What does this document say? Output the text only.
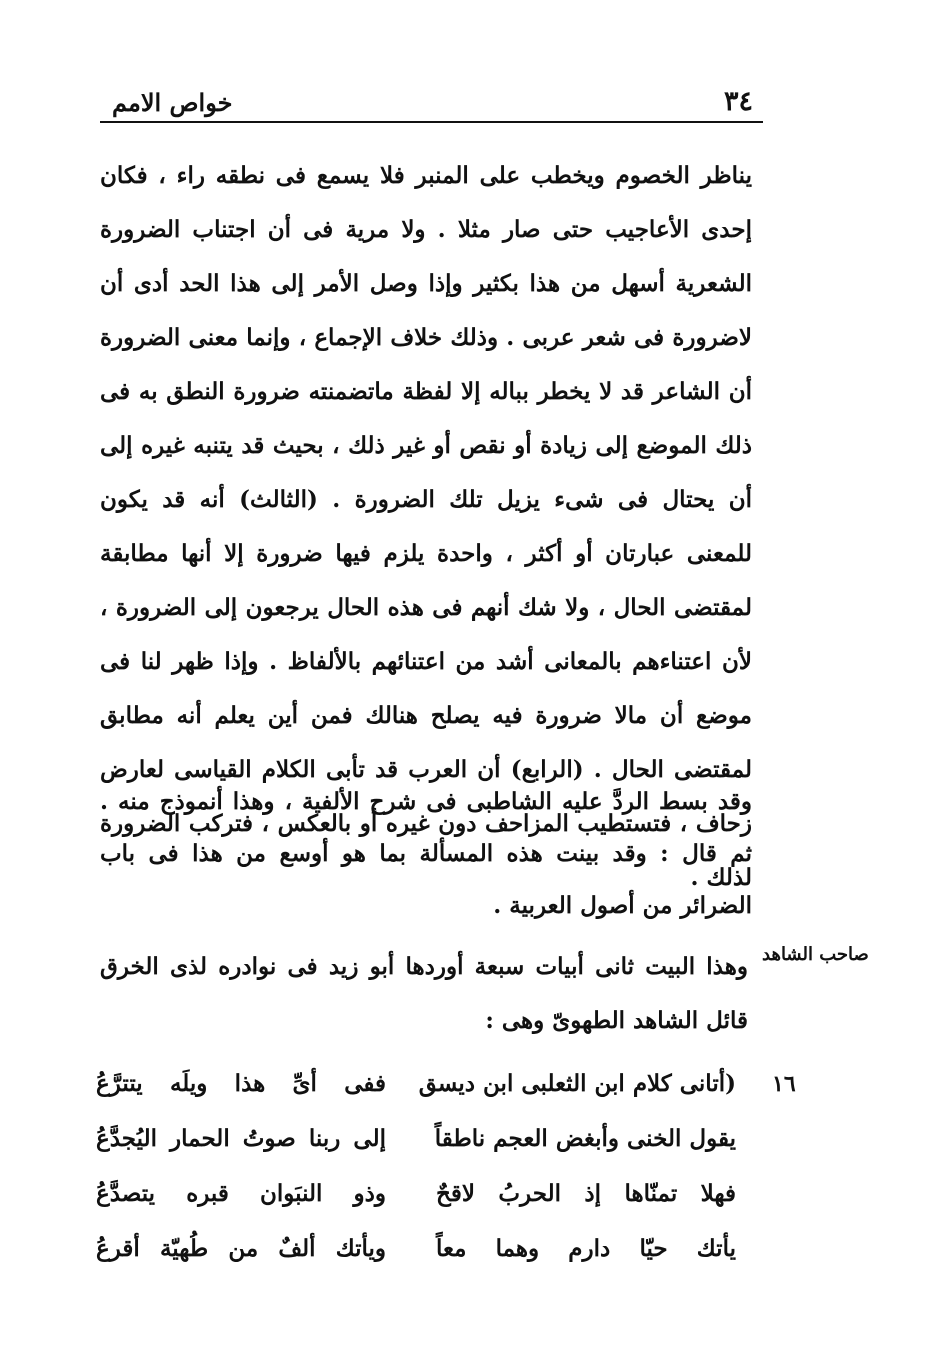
٣٤
خواص الامم

يناظر الخصوم ويخطب على المنبر فلا يسمع فى نطقه راء ، فكان إحدى الأعاجيب حتى صار مثلا . ولا مرية فى أن اجتناب الضرورة الشعرية أسهل من هذا بكثير وإذا وصل الأمر إلى هذا الحد أدى أن لاضرورة فى شعر عربى . وذلك خلاف الإجماع ، وإنما معنى الضرورة أن الشاعر قد لا يخطر بباله إلا لفظة ماتضمنته ضرورة النطق به فى ذلك الموضع إلى زيادة أو نقص أو غير ذلك ، بحيث قد يتنبه غيره إلى أن يحتال فى شىء يزيل تلك الضرورة . (الثالث) أنه قد يكون للمعنى عبارتان أو أكثر ، واحدة يلزم فيها ضرورة إلا أنها مطابقة لمقتضى الحال ، ولا شك أنهم فى هذه الحال يرجعون إلى الضرورة ، لأن اعتناءهم بالمعانى أشد من اعتنائهم بالألفاظ . وإذا ظهر لنا فى موضع أن مالا ضرورة فيه يصلح هنالك فمن أين يعلم أنه مطابق لمقتضى الحال . (الرابع) أن العرب قد تأبى الكلام القياسى لعارض زحاف ، فتستطيب المزاحف دون غيره أو بالعكس ، فتركب الضرورة لذلك .

وقد بسط الردَّ عليه الشاطبى فى شرح الألفية ، وهذا أنموذج منه . ثم قال : وقد بينت هذه المسألة بما هو أوسع من هذا فى باب الضرائر من أصول العربية .

صاحب الشاهد

وهذا البيت ثانى أبيات سبعة أوردها أبو زيد فى نوادره لذى الخرق قائل الشاهد الطهوىّ وهى :

١٦
(أتانى كلام ابن الثعلبى ابن ديسق
ففى أىِّ هذا ويلَه يتترَّعُ
يقول الخنى وأبغض العجم ناطقاً
إلى ربنا صوتُ الحمار اليُجدَّعُ
فهلا تمنّاها إذ الحربُ لاقحٌ
وذو النبَوان قبره يتصدَّعُ
يأتك حيّا دارم وهما معاً
ويأتك ألفٌ من طُهيّة أقرعُ
